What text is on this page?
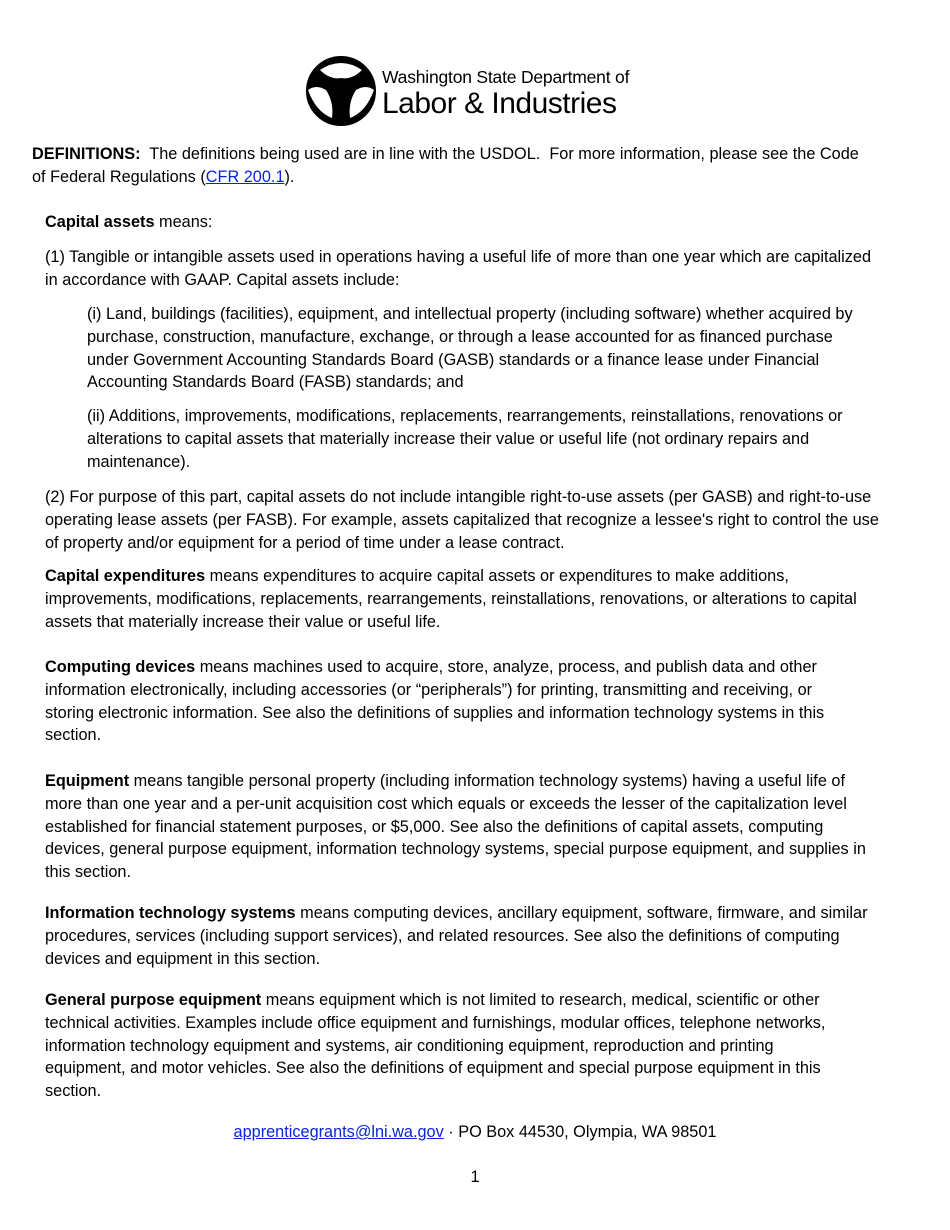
Washington State Department of
Labor & Industries
DEFINITIONS:  The definitions being used are in line with the USDOL.  For more information, please see the Code
of Federal Regulations (CFR 200.1).
Capital assets means:
(1) Tangible or intangible assets used in operations having a useful life of more than one year which are capitalized
in accordance with GAAP. Capital assets include:
(i) Land, buildings (facilities), equipment, and intellectual property (including software) whether acquired by
purchase, construction, manufacture, exchange, or through a lease accounted for as financed purchase
under Government Accounting Standards Board (GASB) standards or a finance lease under Financial
Accounting Standards Board (FASB) standards; and
(ii) Additions, improvements, modifications, replacements, rearrangements, reinstallations, renovations or
alterations to capital assets that materially increase their value or useful life (not ordinary repairs and
maintenance).
(2) For purpose of this part, capital assets do not include intangible right-to-use assets (per GASB) and right-to-use
operating lease assets (per FASB). For example, assets capitalized that recognize a lessee's right to control the use
of property and/or equipment for a period of time under a lease contract.
Capital expenditures means expenditures to acquire capital assets or expenditures to make additions,
improvements, modifications, replacements, rearrangements, reinstallations, renovations, or alterations to capital
assets that materially increase their value or useful life.
Computing devices means machines used to acquire, store, analyze, process, and publish data and other
information electronically, including accessories (or “peripherals”) for printing, transmitting and receiving, or
storing electronic information. See also the definitions of supplies and information technology systems in this
section.
Equipment means tangible personal property (including information technology systems) having a useful life of
more than one year and a per-unit acquisition cost which equals or exceeds the lesser of the capitalization level
established for financial statement purposes, or $5,000. See also the definitions of capital assets, computing
devices, general purpose equipment, information technology systems, special purpose equipment, and supplies in
this section.
Information technology systems means computing devices, ancillary equipment, software, firmware, and similar
procedures, services (including support services), and related resources. See also the definitions of computing
devices and equipment in this section.
General purpose equipment means equipment which is not limited to research, medical, scientific or other
technical activities. Examples include office equipment and furnishings, modular offices, telephone networks,
information technology equipment and systems, air conditioning equipment, reproduction and printing
equipment, and motor vehicles. See also the definitions of equipment and special purpose equipment in this
section.
apprenticegrants@lni.wa.gov · PO Box 44530, Olympia, WA 98501
1
